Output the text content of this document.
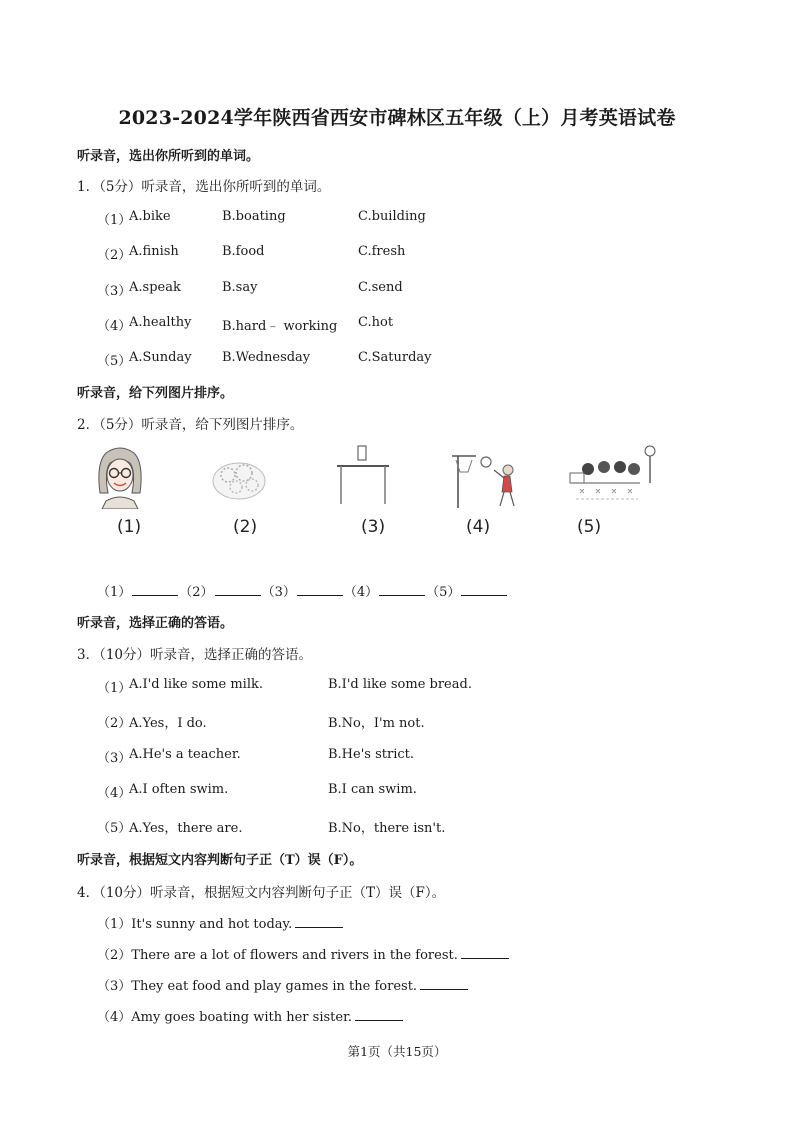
2023-2024学年陕西省西安市碑林区五年级（上）月考英语试卷
听录音，选出你所听到的单词。
1．（5分）听录音，选出你所听到的单词。
（1）
A.bike	B.boating	C.building
（2）
A.finish	B.food	C.fresh
（3）
A.speak	B.say	C.send
（4）
A.healthy B.hard﹣ working C.hot
（5）
A.Sunday B.Wednesday	C.Saturday
听录音，给下列图片排序。
2．（5分）听录音，给下列图片排序。
(1)	(2)	(3)	(4)	(5)
（1）	（2）	（3）	（4）	（5）
听录音，选择正确的答语。
3．（10分）听录音，选择正确的答语。
（1）
A.I'd like some milk.	B.I'd like some bread.
（2）
A.Yes，I do.	B.No，I'm not.
（3）
A.He's a teacher.	B.He's strict.
（4）
A.I often swim.	B.I can swim.
（5）
A.Yes，there are.	B.No，there isn't.
听录音，根据短文内容判断句子正（T）误（F）。
4．（10分）听录音，根据短文内容判断句子正（T）误（F）。
（1）It's sunny and hot today.
（2）There are a lot of flowers and rivers in the forest.
（3）They eat food and play games in the forest.
（4）Amy goes boating with her sister.
第1页（共15页）
